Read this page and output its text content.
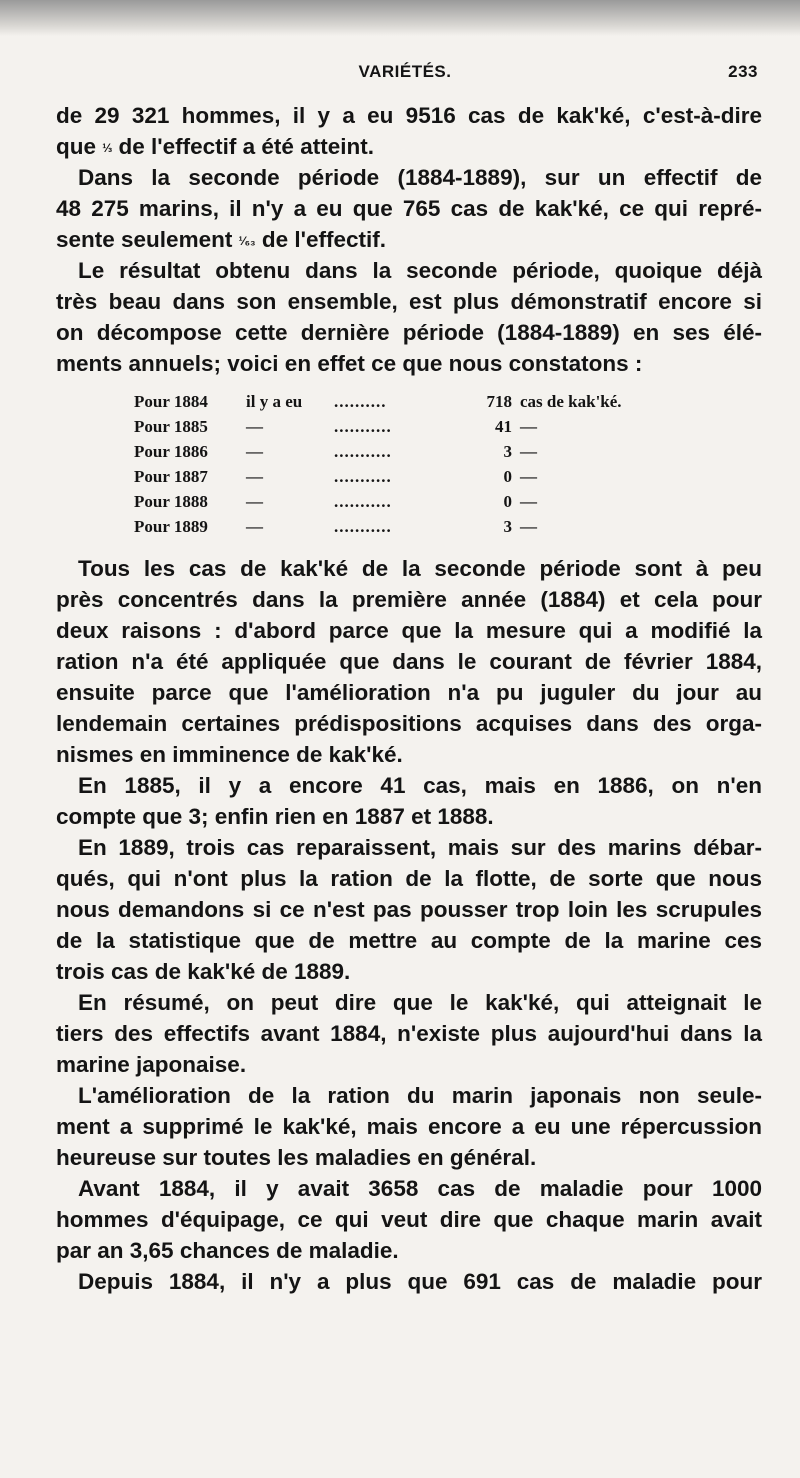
VARIÉTÉS.	233
de 29 321 hommes, il y a eu 9516 cas de kak'ké, c'est-à-dire
que ⅓ de l'effectif a été atteint.
Dans la seconde période (1884-1889), sur un effectif de
48 275 marins, il n'y a eu que 765 cas de kak'ké, ce qui repré-
sente seulement ¹⁄₆₃ de l'effectif.
Le résultat obtenu dans la seconde période, quoique déjà
très beau dans son ensemble, est plus démonstratif encore si
on décompose cette dernière période (1884-1889) en ses élé-
ments annuels; voici en effet ce que nous constatons :
Pour 1884	il y a eu	..........	718 cas de kak'ké.
Pour 1885	—	...........	41 —
Pour 1886	—	...........	3 —
Pour 1887	—	...........	0 —
Pour 1888	—	...........	0 —
Pour 1889	—	...........	3 —
Tous les cas de kak'ké de la seconde période sont à peu
près concentrés dans la première année (1884) et cela pour
deux raisons : d'abord parce que la mesure qui a modifié la
ration n'a été appliquée que dans le courant de février 1884,
ensuite parce que l'amélioration n'a pu juguler du jour au
lendemain certaines prédispositions acquises dans des orga-
nismes en imminence de kak'ké.
En 1885, il y a encore 41 cas, mais en 1886, on n'en
compte que 3; enfin rien en 1887 et 1888.
En 1889, trois cas reparaissent, mais sur des marins débar-
qués, qui n'ont plus la ration de la flotte, de sorte que nous
nous demandons si ce n'est pas pousser trop loin les scrupules
de la statistique que de mettre au compte de la marine ces
trois cas de kak'ké de 1889.
En résumé, on peut dire que le kak'ké, qui atteignait le
tiers des effectifs avant 1884, n'existe plus aujourd'hui dans la
marine japonaise.
L'amélioration de la ration du marin japonais non seule-
ment a supprimé le kak'ké, mais encore a eu une répercussion
heureuse sur toutes les maladies en général.
Avant 1884, il y avait 3658 cas de maladie pour 1000
hommes d'équipage, ce qui veut dire que chaque marin avait
par an 3,65 chances de maladie.
Depuis 1884, il n'y a plus que 691 cas de maladie pour
